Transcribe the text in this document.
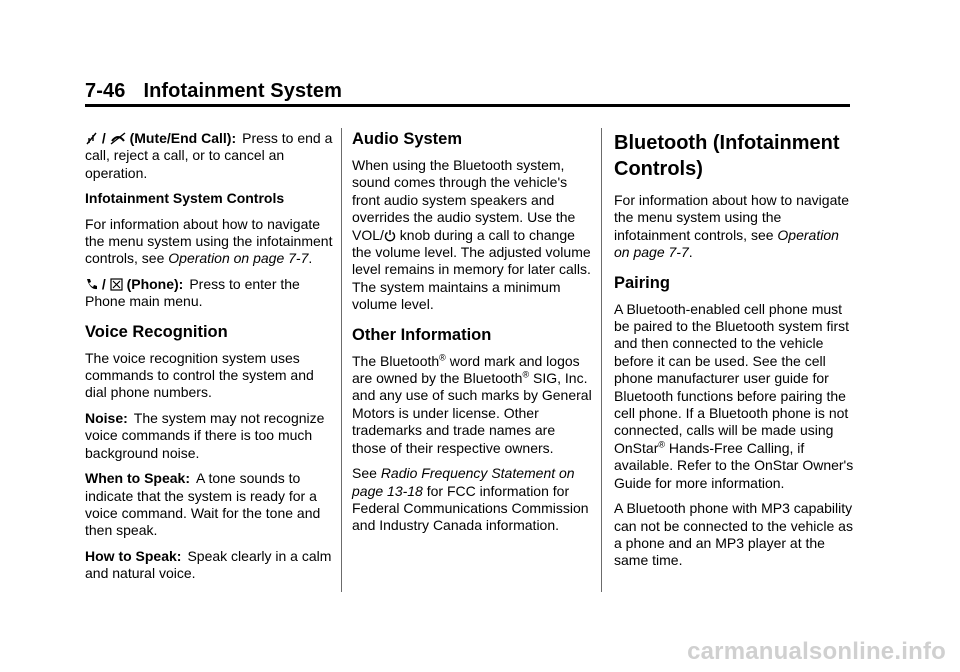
7-46 Infotainment System

/ (Mute/End Call): Press to end a call, reject a call, or to cancel an operation.

Infotainment System Controls

For information about how to navigate the menu system using the infotainment controls, see Operation on page 7-7.

/ (Phone): Press to enter the Phone main menu.

Voice Recognition

The voice recognition system uses commands to control the system and dial phone numbers.

Noise: The system may not recognize voice commands if there is too much background noise.

When to Speak: A tone sounds to indicate that the system is ready for a voice command. Wait for the tone and then speak.

How to Speak: Speak clearly in a calm and natural voice.

Audio System

When using the Bluetooth system, sound comes through the vehicle's front audio system speakers and overrides the audio system. Use the VOL/ knob during a call to change the volume level. The adjusted volume level remains in memory for later calls. The system maintains a minimum volume level.

Other Information

The Bluetooth® word mark and logos are owned by the Bluetooth® SIG, Inc. and any use of such marks by General Motors is under license. Other trademarks and trade names are those of their respective owners.

See Radio Frequency Statement on page 13-18 for FCC information for Federal Communications Commission and Industry Canada information.

Bluetooth (Infotainment Controls)

For information about how to navigate the menu system using the infotainment controls, see Operation on page 7-7.

Pairing

A Bluetooth-enabled cell phone must be paired to the Bluetooth system first and then connected to the vehicle before it can be used. See the cell phone manufacturer user guide for Bluetooth functions before pairing the cell phone. If a Bluetooth phone is not connected, calls will be made using OnStar® Hands-Free Calling, if available. Refer to the OnStar Owner's Guide for more information.

A Bluetooth phone with MP3 capability can not be connected to the vehicle as a phone and an MP3 player at the same time.

carmanualsonline.info
